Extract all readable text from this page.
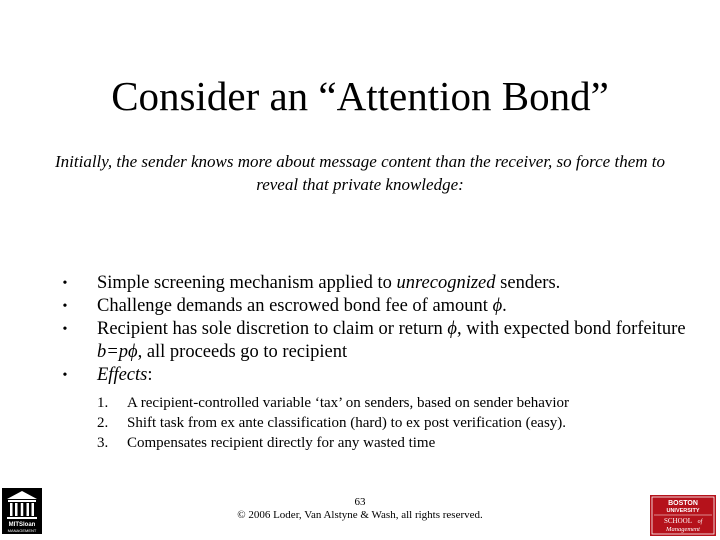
Consider an “Attention Bond”
Initially, the sender knows more about message content than the receiver, so force them to reveal that private knowledge:
•	Simple screening mechanism applied to unrecognized senders.
•	Challenge demands an escrowed bond fee of amount ϕ.
•	Recipient has sole discretion to claim or return ϕ, with expected bond forfeiture b=pϕ, all proceeds go to recipient
•	Effects:
1. A recipient-controlled variable ‘tax’ on senders, based on sender behavior
2. Shift task from ex ante classification (hard) to ex post verification (easy).
3. Compensates recipient directly for any wasted time
63
© 2006 Loder, Van Alstyne & Wash, all rights reserved.
MITSloan
MANAGEMENT
BOSTON
UNIVERSITY
SCHOOL of
Management
